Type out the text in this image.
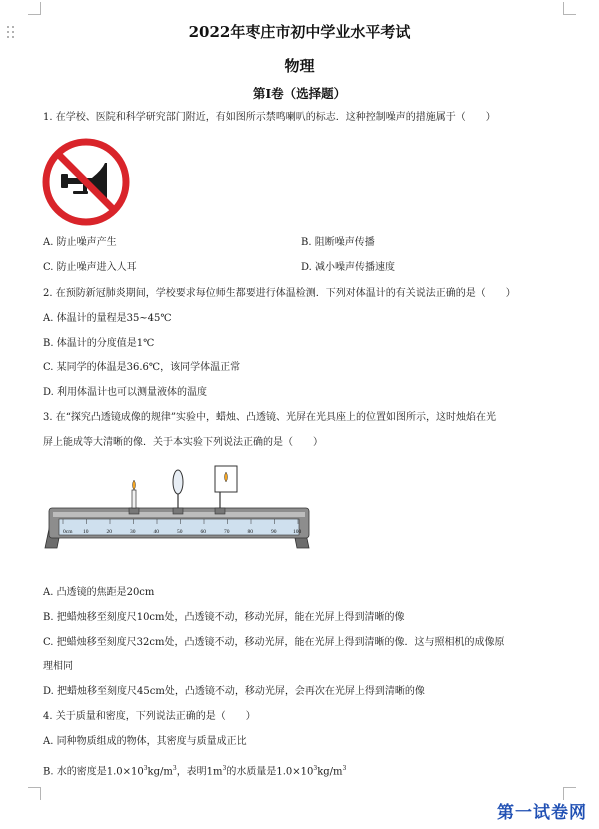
2022年枣庄市初中学业水平考试
物理
第I卷（选择题）
1. 在学校、医院和科学研究部门附近，有如图所示禁鸣喇叭的标志．这种控制噪声的措施属于（　　）
A. 防止噪声产生	B. 阻断噪声传播
C. 防止噪声进入人耳	D. 减小噪声传播速度
2. 在预防新冠肺炎期间，学校要求每位师生都要进行体温检测．下列对体温计的有关说法正确的是（　　）
A. 体温计的量程是35~45℃
B. 体温计的分度值是1℃
C. 某同学的体温是36.6℃，该同学体温正常
D. 利用体温计也可以测量液体的温度
3. 在“探究凸透镜成像的规律”实验中，蜡烛、凸透镜、光屏在光具座上的位置如图所示，这时烛焰在光
屏上能成等大清晰的像．关于本实验下列说法正确的是（　　）
0cm 10	20	30	40	50	60	70	80	90	100
A. 凸透镜的焦距是20cm
B. 把蜡烛移至刻度尺10cm处，凸透镜不动，移动光屏，能在光屏上得到清晰的像
C. 把蜡烛移至刻度尺32cm处，凸透镜不动，移动光屏，能在光屏上得到清晰的像．这与照相机的成像原
理相同
D. 把蜡烛移至刻度尺45cm处，凸透镜不动，移动光屏，会再次在光屏上得到清晰的像
4. 关于质量和密度，下列说法正确的是（　　）
A. 同种物质组成的物体，其密度与质量成正比
B. 水的密度是$1.0\times 10^3kg/m^3$，表明$1m^3$的水质量是$1.0\times 10^3kg/m^3$
第一试卷网
